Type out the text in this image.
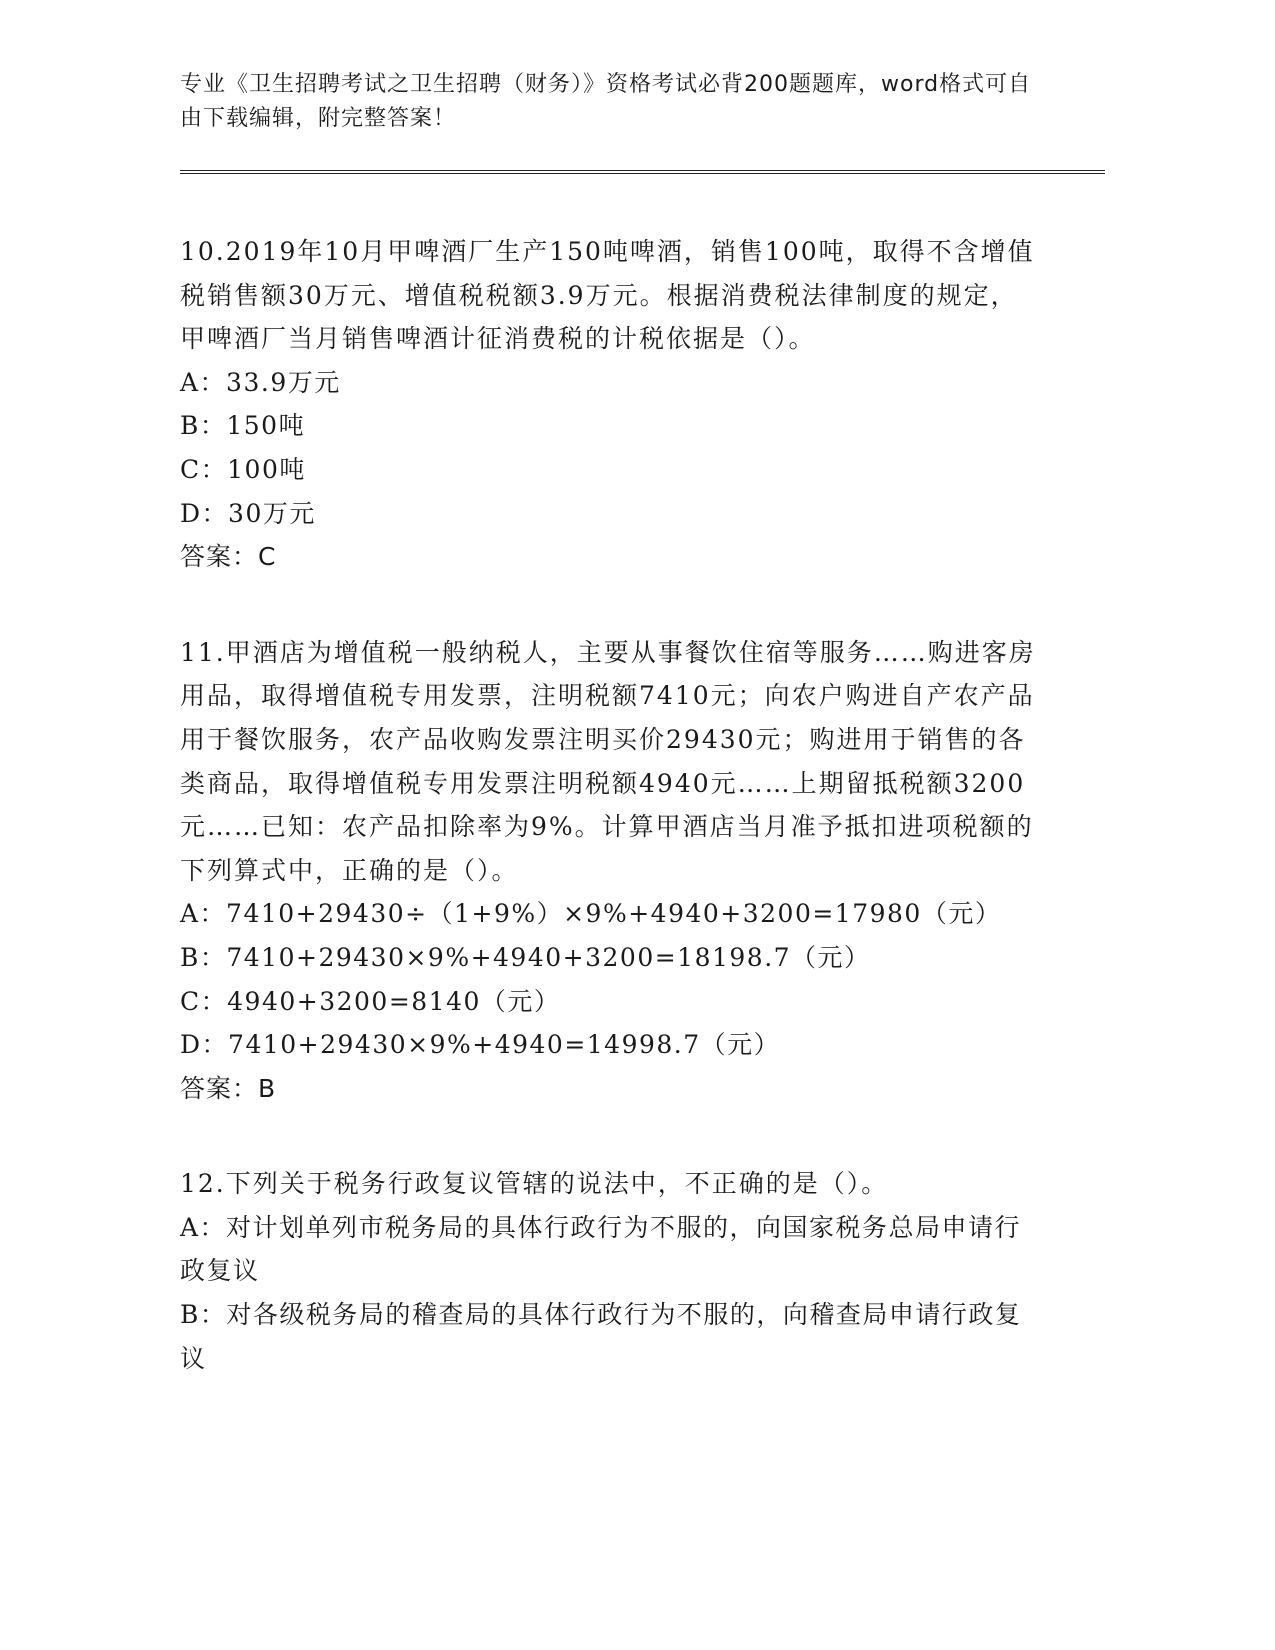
专业《卫生招聘考试之卫生招聘（财务）》资格考试必背200题题库，word格式可自由下载编辑，附完整答案！

10.2019年10月甲啤酒厂生产150吨啤酒，销售100吨，取得不含增值税销售额30万元、增值税税额3.9万元。根据消费税法律制度的规定，甲啤酒厂当月销售啤酒计征消费税的计税依据是（）。

A：33.9万元

B：150吨

C：100吨

D：30万元

答案：C

11.甲酒店为增值税一般纳税人，主要从事餐饮住宿等服务……购进客房用品，取得增值税专用发票，注明税额7410元；向农户购进自产农产品用于餐饮服务，农产品收购发票注明买价29430元；购进用于销售的各类商品，取得增值税专用发票注明税额4940元……上期留抵税额3200元……已知：农产品扣除率为9%。计算甲酒店当月准予抵扣进项税额的下列算式中，正确的是（）。

A：7410+29430÷（1+9%）×9%+4940+3200=17980（元）

B：7410+29430×9%+4940+3200=18198.7（元）

C：4940+3200=8140（元）

D：7410+29430×9%+4940=14998.7（元）

答案：B

12.下列关于税务行政复议管辖的说法中，不正确的是（）。

A：对计划单列市税务局的具体行政行为不服的，向国家税务总局申请行政复议

B：对各级税务局的稽查局的具体行政行为不服的，向稽查局申请行政复议
